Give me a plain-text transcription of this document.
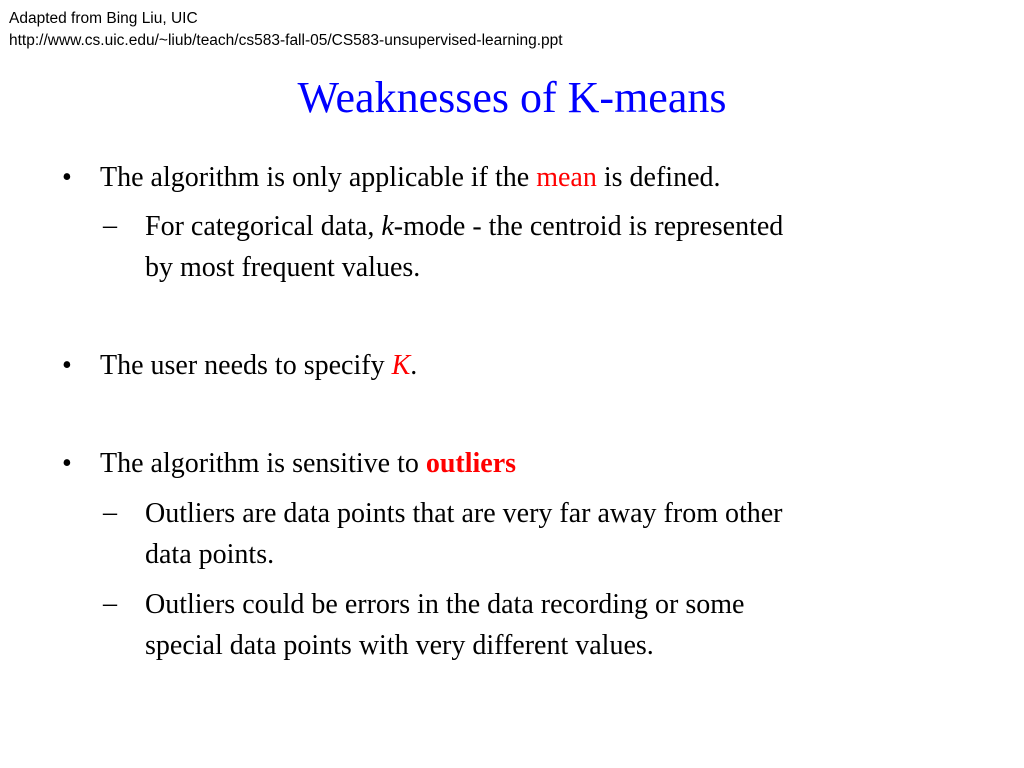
Adapted from Bing Liu, UIC
http://www.cs.uic.edu/~liub/teach/cs583-fall-05/CS583-unsupervised-learning.ppt
Weaknesses of K-means
• The algorithm is only applicable if the mean is defined.
– For categorical data, k-mode - the centroid is represented
by most frequent values.
• The user needs to specify K.
• The algorithm is sensitive to outliers
– Outliers are data points that are very far away from other
data points.
– Outliers could be errors in the data recording or some
special data points with very different values.
